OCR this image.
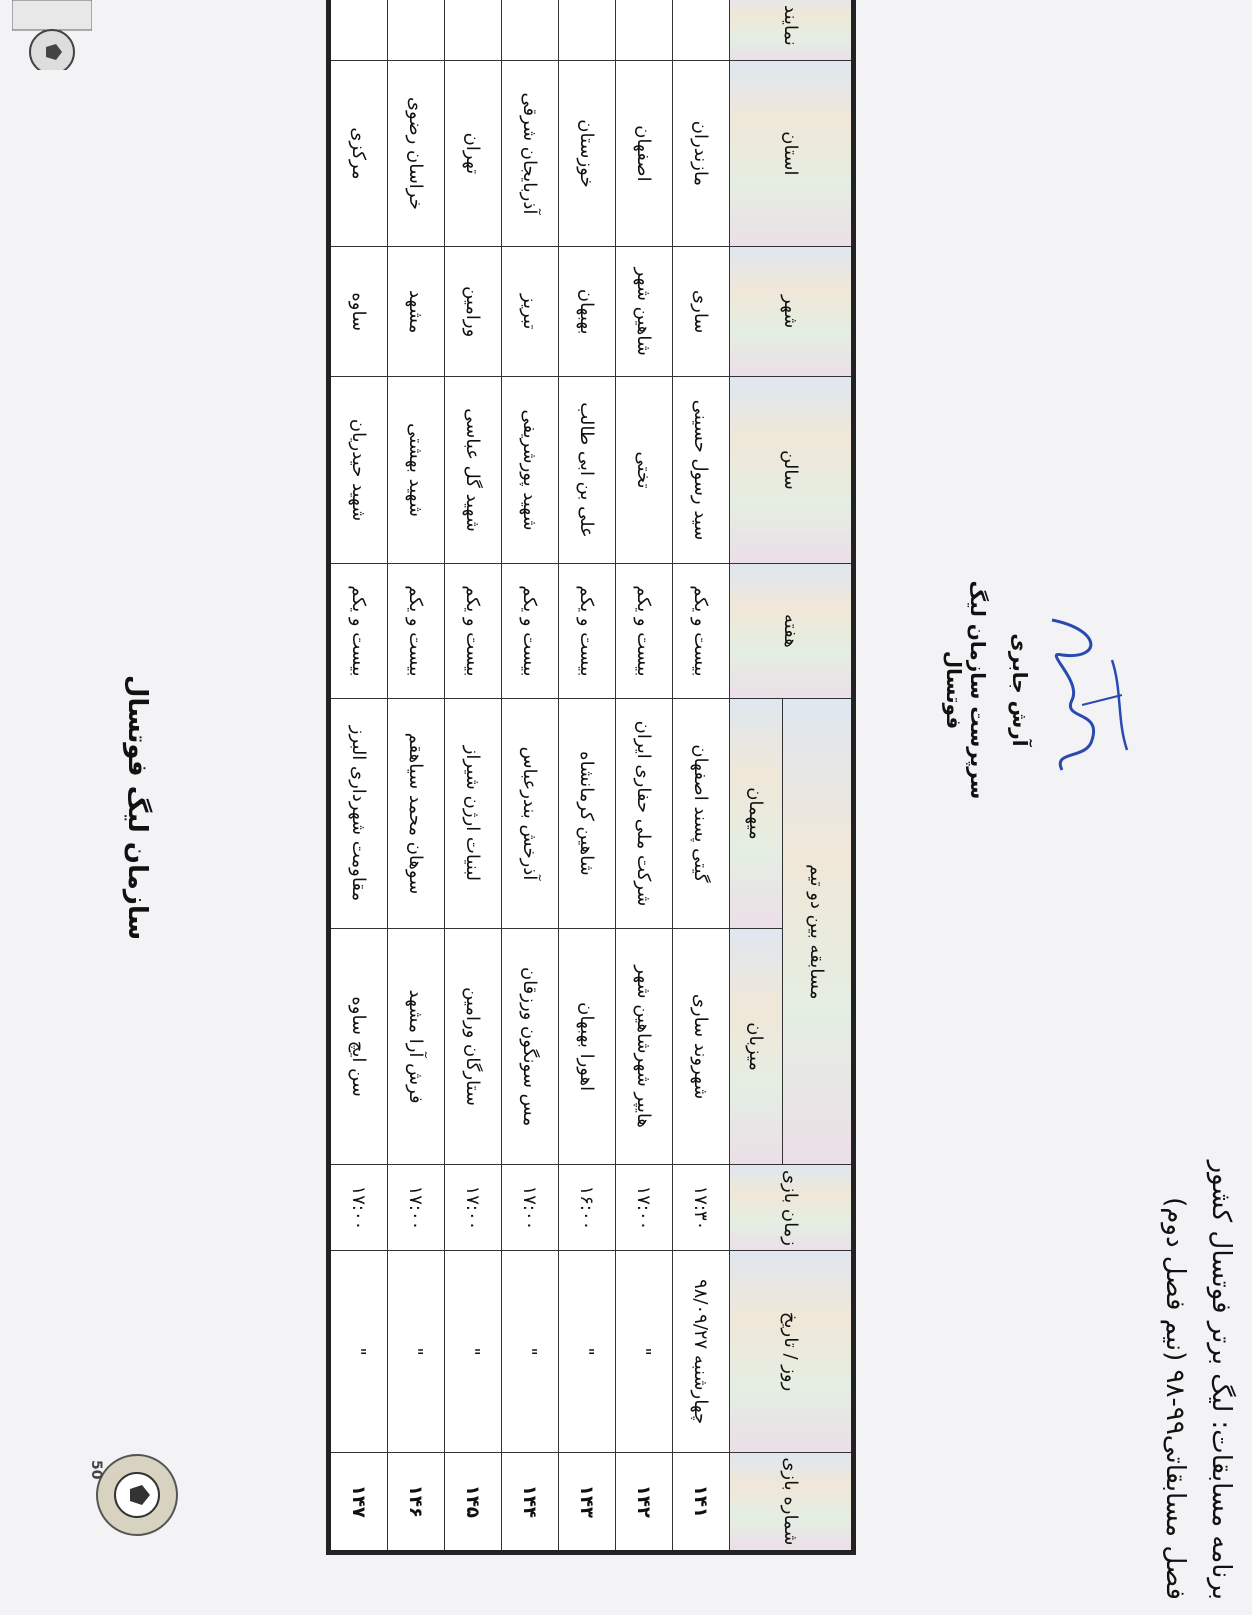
50
سازمان لیگ فوتسال
برنامه مسابقات: لیگ برتر فوتسال کشور
فصل مسابقاتی۹۹-۹۸ (نیم فصل دوم)
شماره بازی	روز / تاریخ	زمان بازی	مسابقه بین دو تیم		هفته	سالن	شهر	استان	نمایند
			میزبان	میهمان					
۱۴۱	چهارشنبه ۹۸/۰۹/۲۷	۱۷:۳۰	شهروند ساری	گیتی پسند اصفهان	بیست و یکم	سید رسول حسینی	ساری	مازندران	
۱۴۲	"	۱۷:۰۰	هایپر شهرشاهین شهر	شرکت ملی حفاری ایران	بیست و یکم	تختی	شاهین شهر	اصفهان	
۱۴۳	"	۱۶:۰۰	اهورا بهبهان	شاهین کرمانشاه	بیست و یکم	علی بن ابی طالب	بهبهان	خوزستان	
۱۴۴	"	۱۷:۰۰	مس سونگون ورزقان	آذرخش بندرعباس	بیست و یکم	شهید پورشریفی	تبریز	آذربایجان شرقی	
۱۴۵	"	۱۷:۰۰	ستارگان ورامین	لبنیات ارژن شیراز	بیست و یکم	شهید گل عباسی	ورامین	تهران	
۱۴۶	"	۱۷:۰۰	فرش آرا مشهد	سوهان محمد سیاهقم	بیست و یکم	شهید بهشتی	مشهد	خراسان رضوی	
۱۴۷	"	۱۷:۰۰	سن ایچ ساوه	مقاومت شهرداری البرز	بیست و یکم	شهید حیدریان	ساوه	مرکزی	
آرش جابری
سرپرست سازمان لیگ فوتسال
